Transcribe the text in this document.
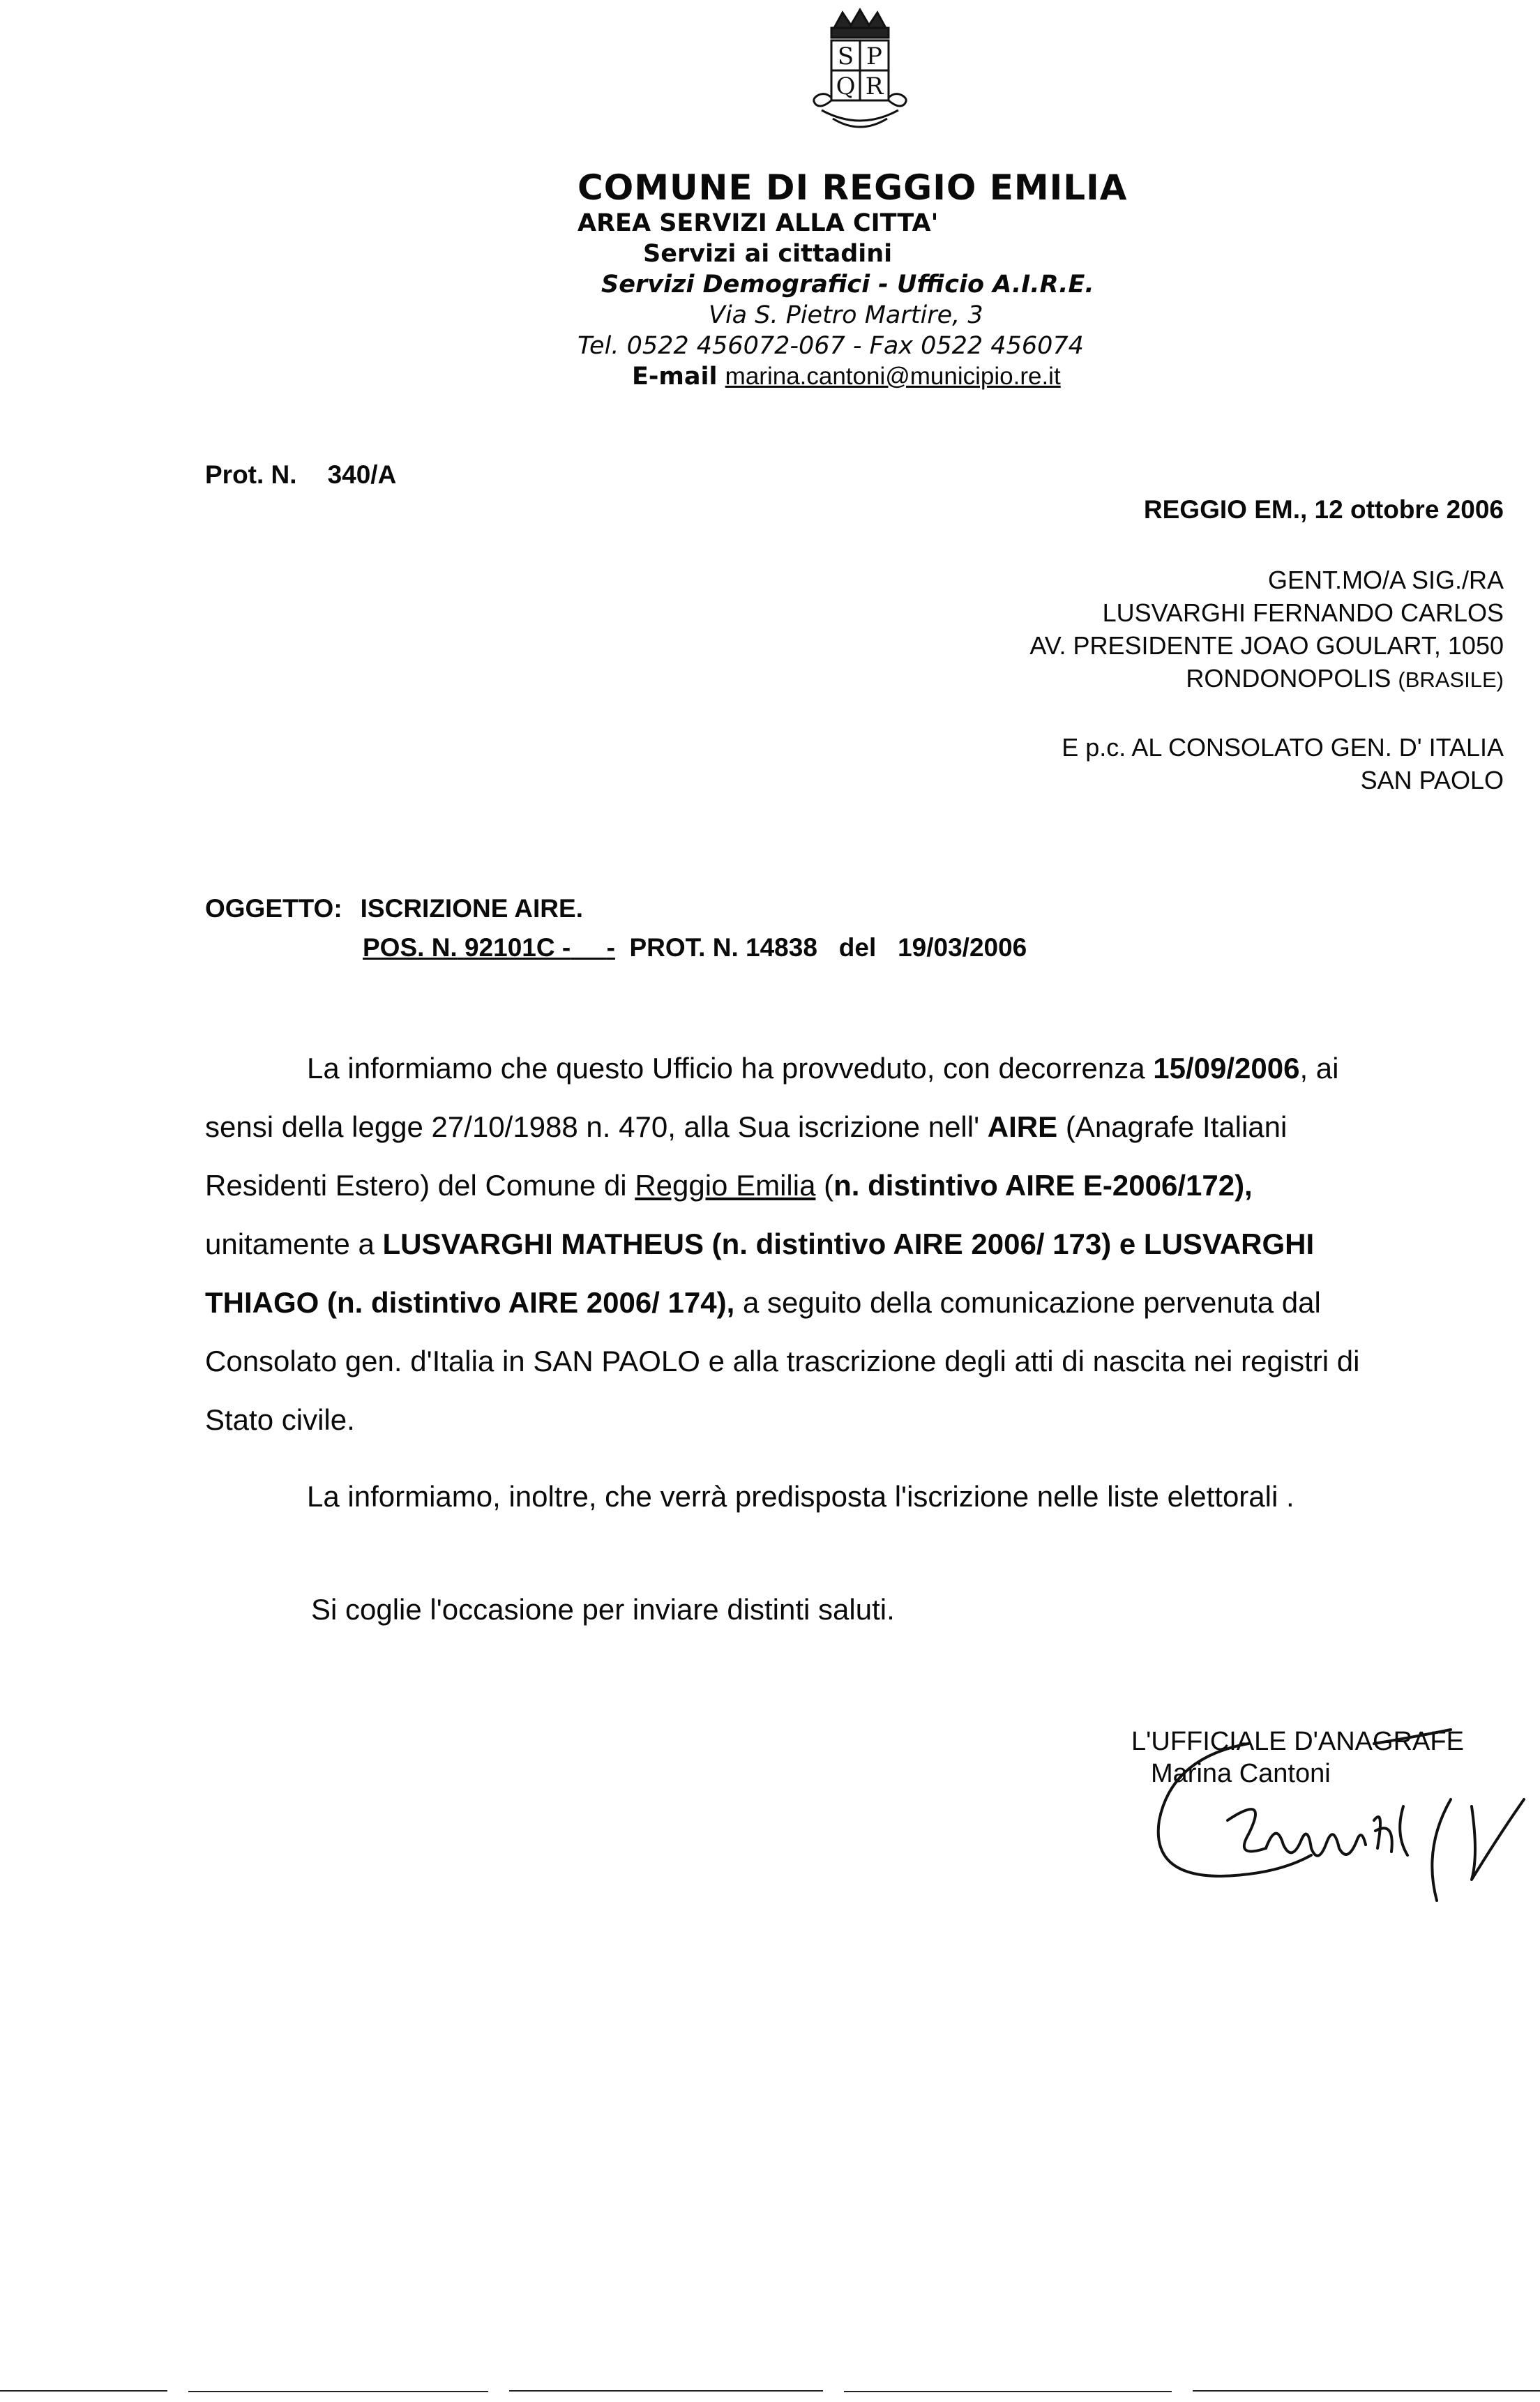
S P
Q R
COMUNE DI REGGIO EMILIA
AREA SERVIZI ALLA CITTA'
Servizi ai cittadini
Servizi Demografici - Ufficio A.I.R.E.
Via S. Pietro Martire, 3
Tel. 0522 456072-067 - Fax 0522 456074
E-mail marina.cantoni@municipio.re.it
Prot. N. 340/A
REGGIO EM., 12 ottobre 2006
GENT.MO/A SIG./RA
LUSVARGHI FERNANDO CARLOS
AV. PRESIDENTE JOAO GOULART, 1050
RONDONOPOLIS (BRASILE)
E p.c. AL CONSOLATO GEN. D' ITALIA
SAN PAOLO
OGGETTO: ISCRIZIONE AIRE.
POS. N. 92101C - - PROT. N. 14838 del 19/03/2006
La informiamo che questo Ufficio ha provveduto, con decorrenza 15/09/2006, ai
sensi della legge 27/10/1988 n. 470, alla Sua iscrizione nell' AIRE (Anagrafe Italiani
Residenti Estero) del Comune di Reggio Emilia (n. distintivo AIRE E-2006/172),
unitamente a LUSVARGHI MATHEUS (n. distintivo AIRE 2006/ 173) e LUSVARGHI
THIAGO (n. distintivo AIRE 2006/ 174), a seguito della comunicazione pervenuta dal
Consolato gen. d'Italia in SAN PAOLO e alla trascrizione degli atti di nascita nei registri di
Stato civile.
La informiamo, inoltre, che verrà predisposta l'iscrizione nelle liste elettorali .
Si coglie l'occasione per inviare distinti saluti.
L'UFFICIALE D'ANAGRAFE
Marina Cantoni
